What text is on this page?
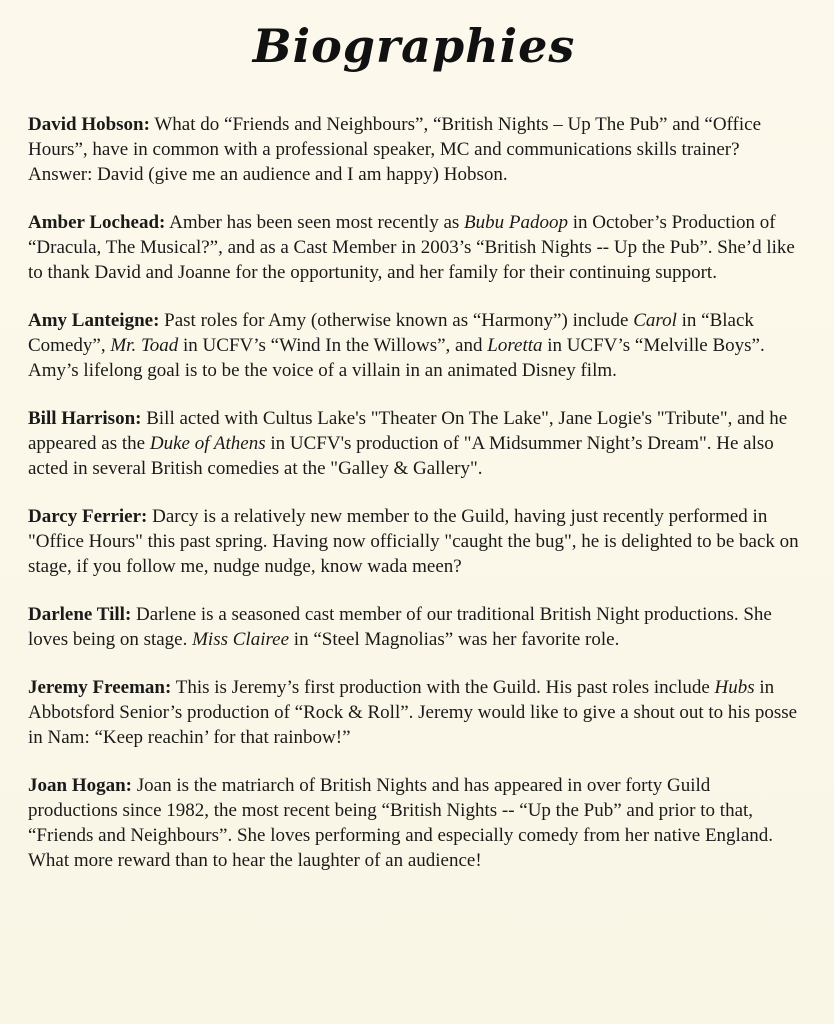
Biographies

David Hobson: What do “Friends and Neighbours”, “British Nights – Up The Pub” and “Office Hours”, have in common with a professional speaker, MC and communications skills trainer? Answer: David (give me an audience and I am happy) Hobson.

Amber Lochead: Amber has been seen most recently as Bubu Padoop in October’s Production of “Dracula, The Musical?”, and as a Cast Member in 2003’s “British Nights -- Up the Pub”. She’d like to thank David and Joanne for the opportunity, and her family for their continuing support.

Amy Lanteigne: Past roles for Amy (otherwise known as “Harmony”) include Carol in “Black Comedy”, Mr. Toad in UCFV’s “Wind In the Willows”, and Loretta in UCFV’s “Melville Boys”. Amy’s lifelong goal is to be the voice of a villain in an animated Disney film.

Bill Harrison: Bill acted with Cultus Lake's "Theater On The Lake", Jane Logie's "Tribute", and he appeared as the Duke of Athens in UCFV's production of "A Midsummer Night’s Dream". He also acted in several British comedies at the "Galley & Gallery".

Darcy Ferrier: Darcy is a relatively new member to the Guild, having just recently performed in "Office Hours" this past spring. Having now officially "caught the bug", he is delighted to be back on stage, if you follow me, nudge nudge, know wada meen?

Darlene Till: Darlene is a seasoned cast member of our traditional British Night productions. She loves being on stage. Miss Clairee in “Steel Magnolias” was her favorite role.

Jeremy Freeman: This is Jeremy’s first production with the Guild. His past roles include Hubs in Abbotsford Senior’s production of “Rock & Roll”. Jeremy would like to give a shout out to his posse in Nam: “Keep reachin’ for that rainbow!”

Joan Hogan: Joan is the matriarch of British Nights and has appeared in over forty Guild productions since 1982, the most recent being “British Nights -- “Up the Pub” and prior to that, “Friends and Neighbours”. She loves performing and especially comedy from her native England. What more reward than to hear the laughter of an audience!
